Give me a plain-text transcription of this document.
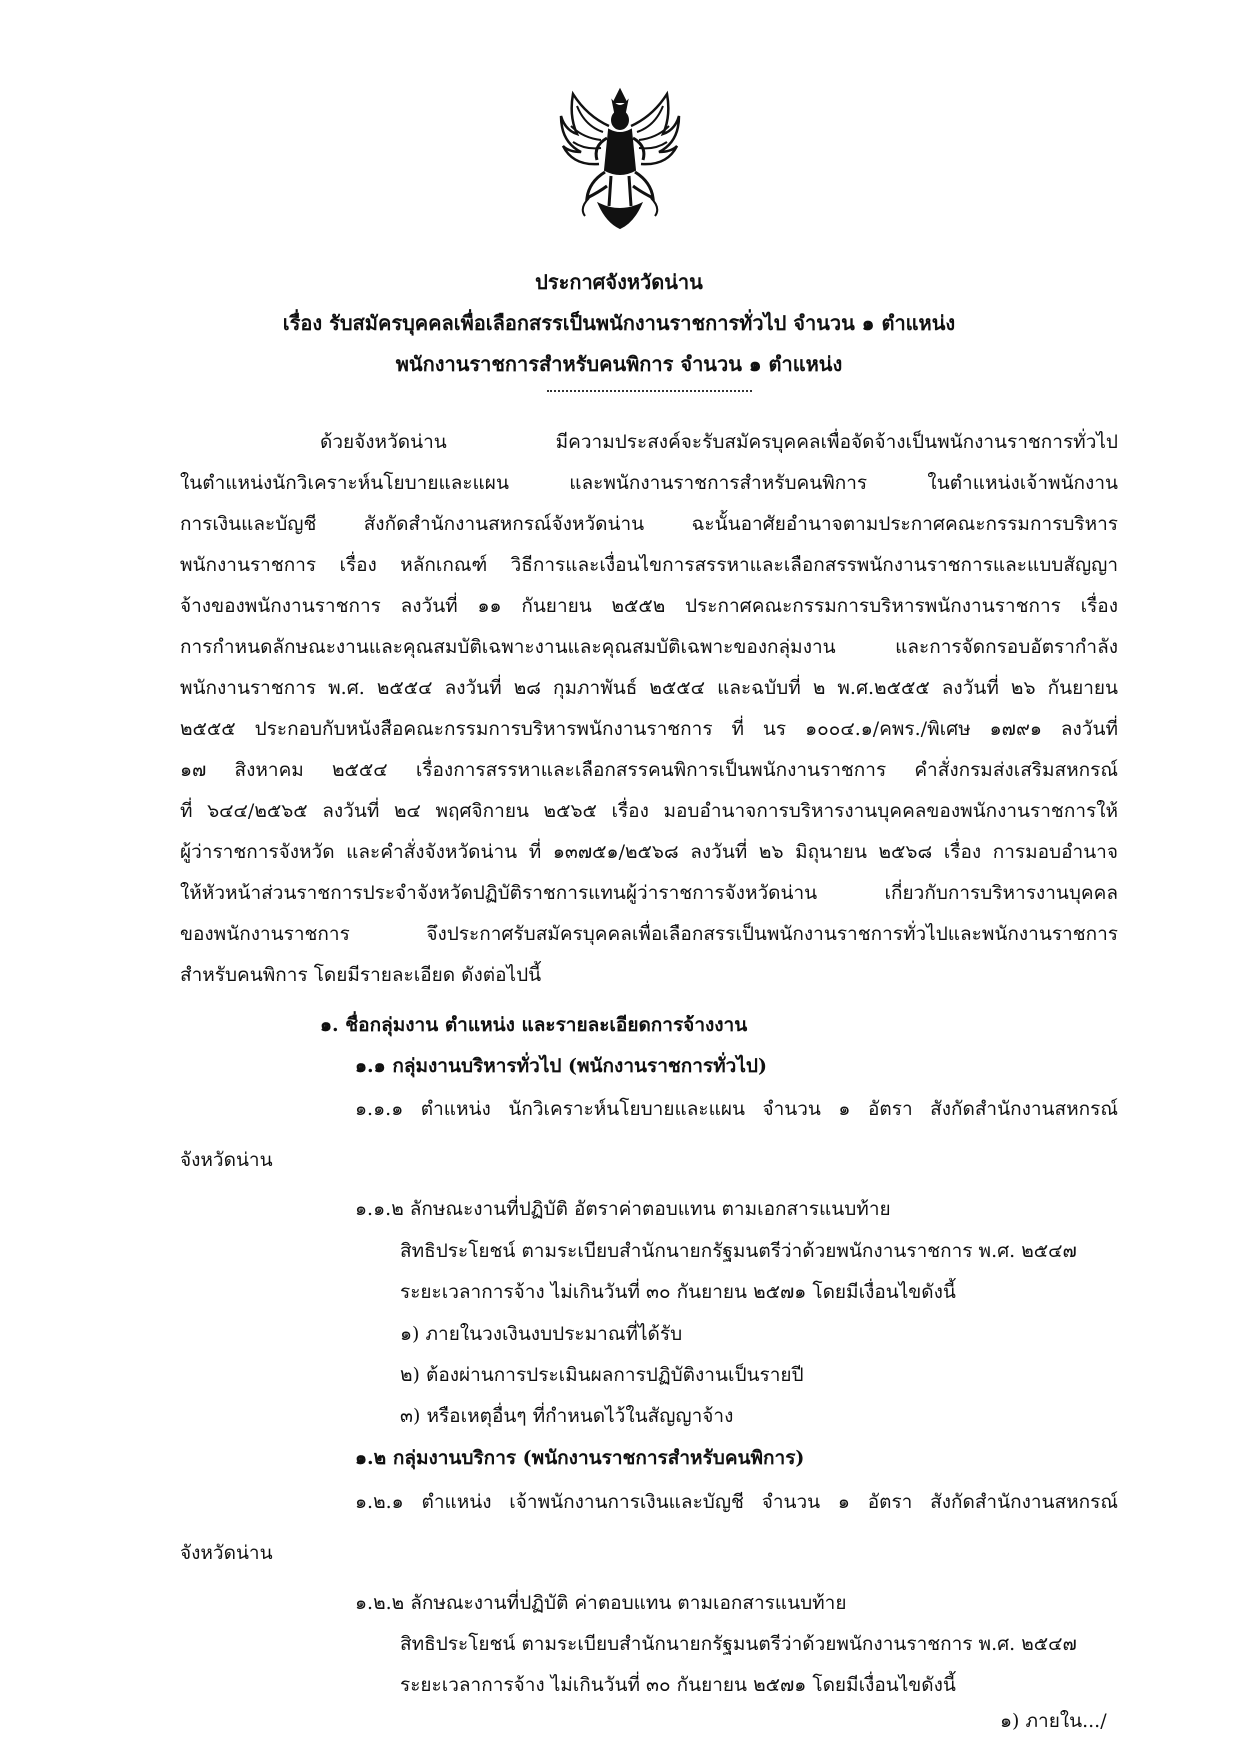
ประกาศจังหวัดน่าน
เรื่อง รับสมัครบุคคลเพื่อเลือกสรรเป็นพนักงานราชการทั่วไป จำนวน ๑ ตำแหน่ง
พนักงานราชการสำหรับคนพิการ จำนวน ๑ ตำแหน่ง
ด้วยจังหวัดน่าน มีความประสงค์จะรับสมัครบุคคลเพื่อจัดจ้างเป็นพนักงานราชการทั่วไป
ในตำแหน่งนักวิเคราะห์นโยบายและแผน และพนักงานราชการสำหรับคนพิการ ในตำแหน่งเจ้าพนักงาน
การเงินและบัญชี สังกัดสำนักงานสหกรณ์จังหวัดน่าน ฉะนั้นอาศัยอำนาจตามประกาศคณะกรรมการบริหาร
พนักงานราชการ เรื่อง หลักเกณฑ์ วิธีการและเงื่อนไขการสรรหาและเลือกสรรพนักงานราชการและแบบสัญญา
จ้างของพนักงานราชการ ลงวันที่ ๑๑ กันยายน ๒๕๕๒ ประกาศคณะกรรมการบริหารพนักงานราชการ เรื่อง
การกำหนดลักษณะงานและคุณสมบัติเฉพาะงานและคุณสมบัติเฉพาะของกลุ่มงาน และการจัดกรอบอัตรากำลัง
พนักงานราชการ พ.ศ. ๒๕๕๔ ลงวันที่ ๒๘ กุมภาพันธ์ ๒๕๕๔ และฉบับที่ ๒ พ.ศ.๒๕๕๕ ลงวันที่ ๒๖ กันยายน
๒๕๕๕ ประกอบกับหนังสือคณะกรรมการบริหารพนักงานราชการ ที่ นร ๑๐๐๔.๑/คพร./พิเศษ ๑๗๙๑ ลงวันที่
๑๗ สิงหาคม ๒๕๕๔ เรื่องการสรรหาและเลือกสรรคนพิการเป็นพนักงานราชการ คำสั่งกรมส่งเสริมสหกรณ์
ที่ ๖๔๔/๒๕๖๕ ลงวันที่ ๒๔ พฤศจิกายน ๒๕๖๕ เรื่อง มอบอำนาจการบริหารงานบุคคลของพนักงานราชการให้
ผู้ว่าราชการจังหวัด และคำสั่งจังหวัดน่าน ที่ ๑๓๗๕๑/๒๕๖๘ ลงวันที่ ๒๖ มิถุนายน ๒๕๖๘ เรื่อง การมอบอำนาจ
ให้หัวหน้าส่วนราชการประจำจังหวัดปฏิบัติราชการแทนผู้ว่าราชการจังหวัดน่าน เกี่ยวกับการบริหารงานบุคคล
ของพนักงานราชการ จึงประกาศรับสมัครบุคคลเพื่อเลือกสรรเป็นพนักงานราชการทั่วไปและพนักงานราชการ
สำหรับคนพิการ โดยมีรายละเอียด ดังต่อไปนี้
๑. ชื่อกลุ่มงาน ตำแหน่ง และรายละเอียดการจ้างงาน
๑.๑ กลุ่มงานบริหารทั่วไป (พนักงานราชการทั่วไป)
๑.๑.๑ ตำแหน่ง นักวิเคราะห์นโยบายและแผน จำนวน ๑ อัตรา สังกัดสำนักงานสหกรณ์
จังหวัดน่าน
๑.๑.๒ ลักษณะงานที่ปฏิบัติ อัตราค่าตอบแทน ตามเอกสารแนบท้าย
สิทธิประโยชน์ ตามระเบียบสำนักนายกรัฐมนตรีว่าด้วยพนักงานราชการ พ.ศ. ๒๕๔๗
ระยะเวลาการจ้าง ไม่เกินวันที่ ๓๐ กันยายน ๒๕๗๑ โดยมีเงื่อนไขดังนี้
๑) ภายในวงเงินงบประมาณที่ได้รับ
๒) ต้องผ่านการประเมินผลการปฏิบัติงานเป็นรายปี
๓) หรือเหตุอื่นๆ ที่กำหนดไว้ในสัญญาจ้าง
๑.๒ กลุ่มงานบริการ (พนักงานราชการสำหรับคนพิการ)
๑.๒.๑ ตำแหน่ง เจ้าพนักงานการเงินและบัญชี จำนวน ๑ อัตรา สังกัดสำนักงานสหกรณ์
จังหวัดน่าน
๑.๒.๒ ลักษณะงานที่ปฏิบัติ ค่าตอบแทน ตามเอกสารแนบท้าย
สิทธิประโยชน์ ตามระเบียบสำนักนายกรัฐมนตรีว่าด้วยพนักงานราชการ พ.ศ. ๒๕๔๗
ระยะเวลาการจ้าง ไม่เกินวันที่ ๓๐ กันยายน ๒๕๗๑ โดยมีเงื่อนไขดังนี้
๑) ภายใน.../
